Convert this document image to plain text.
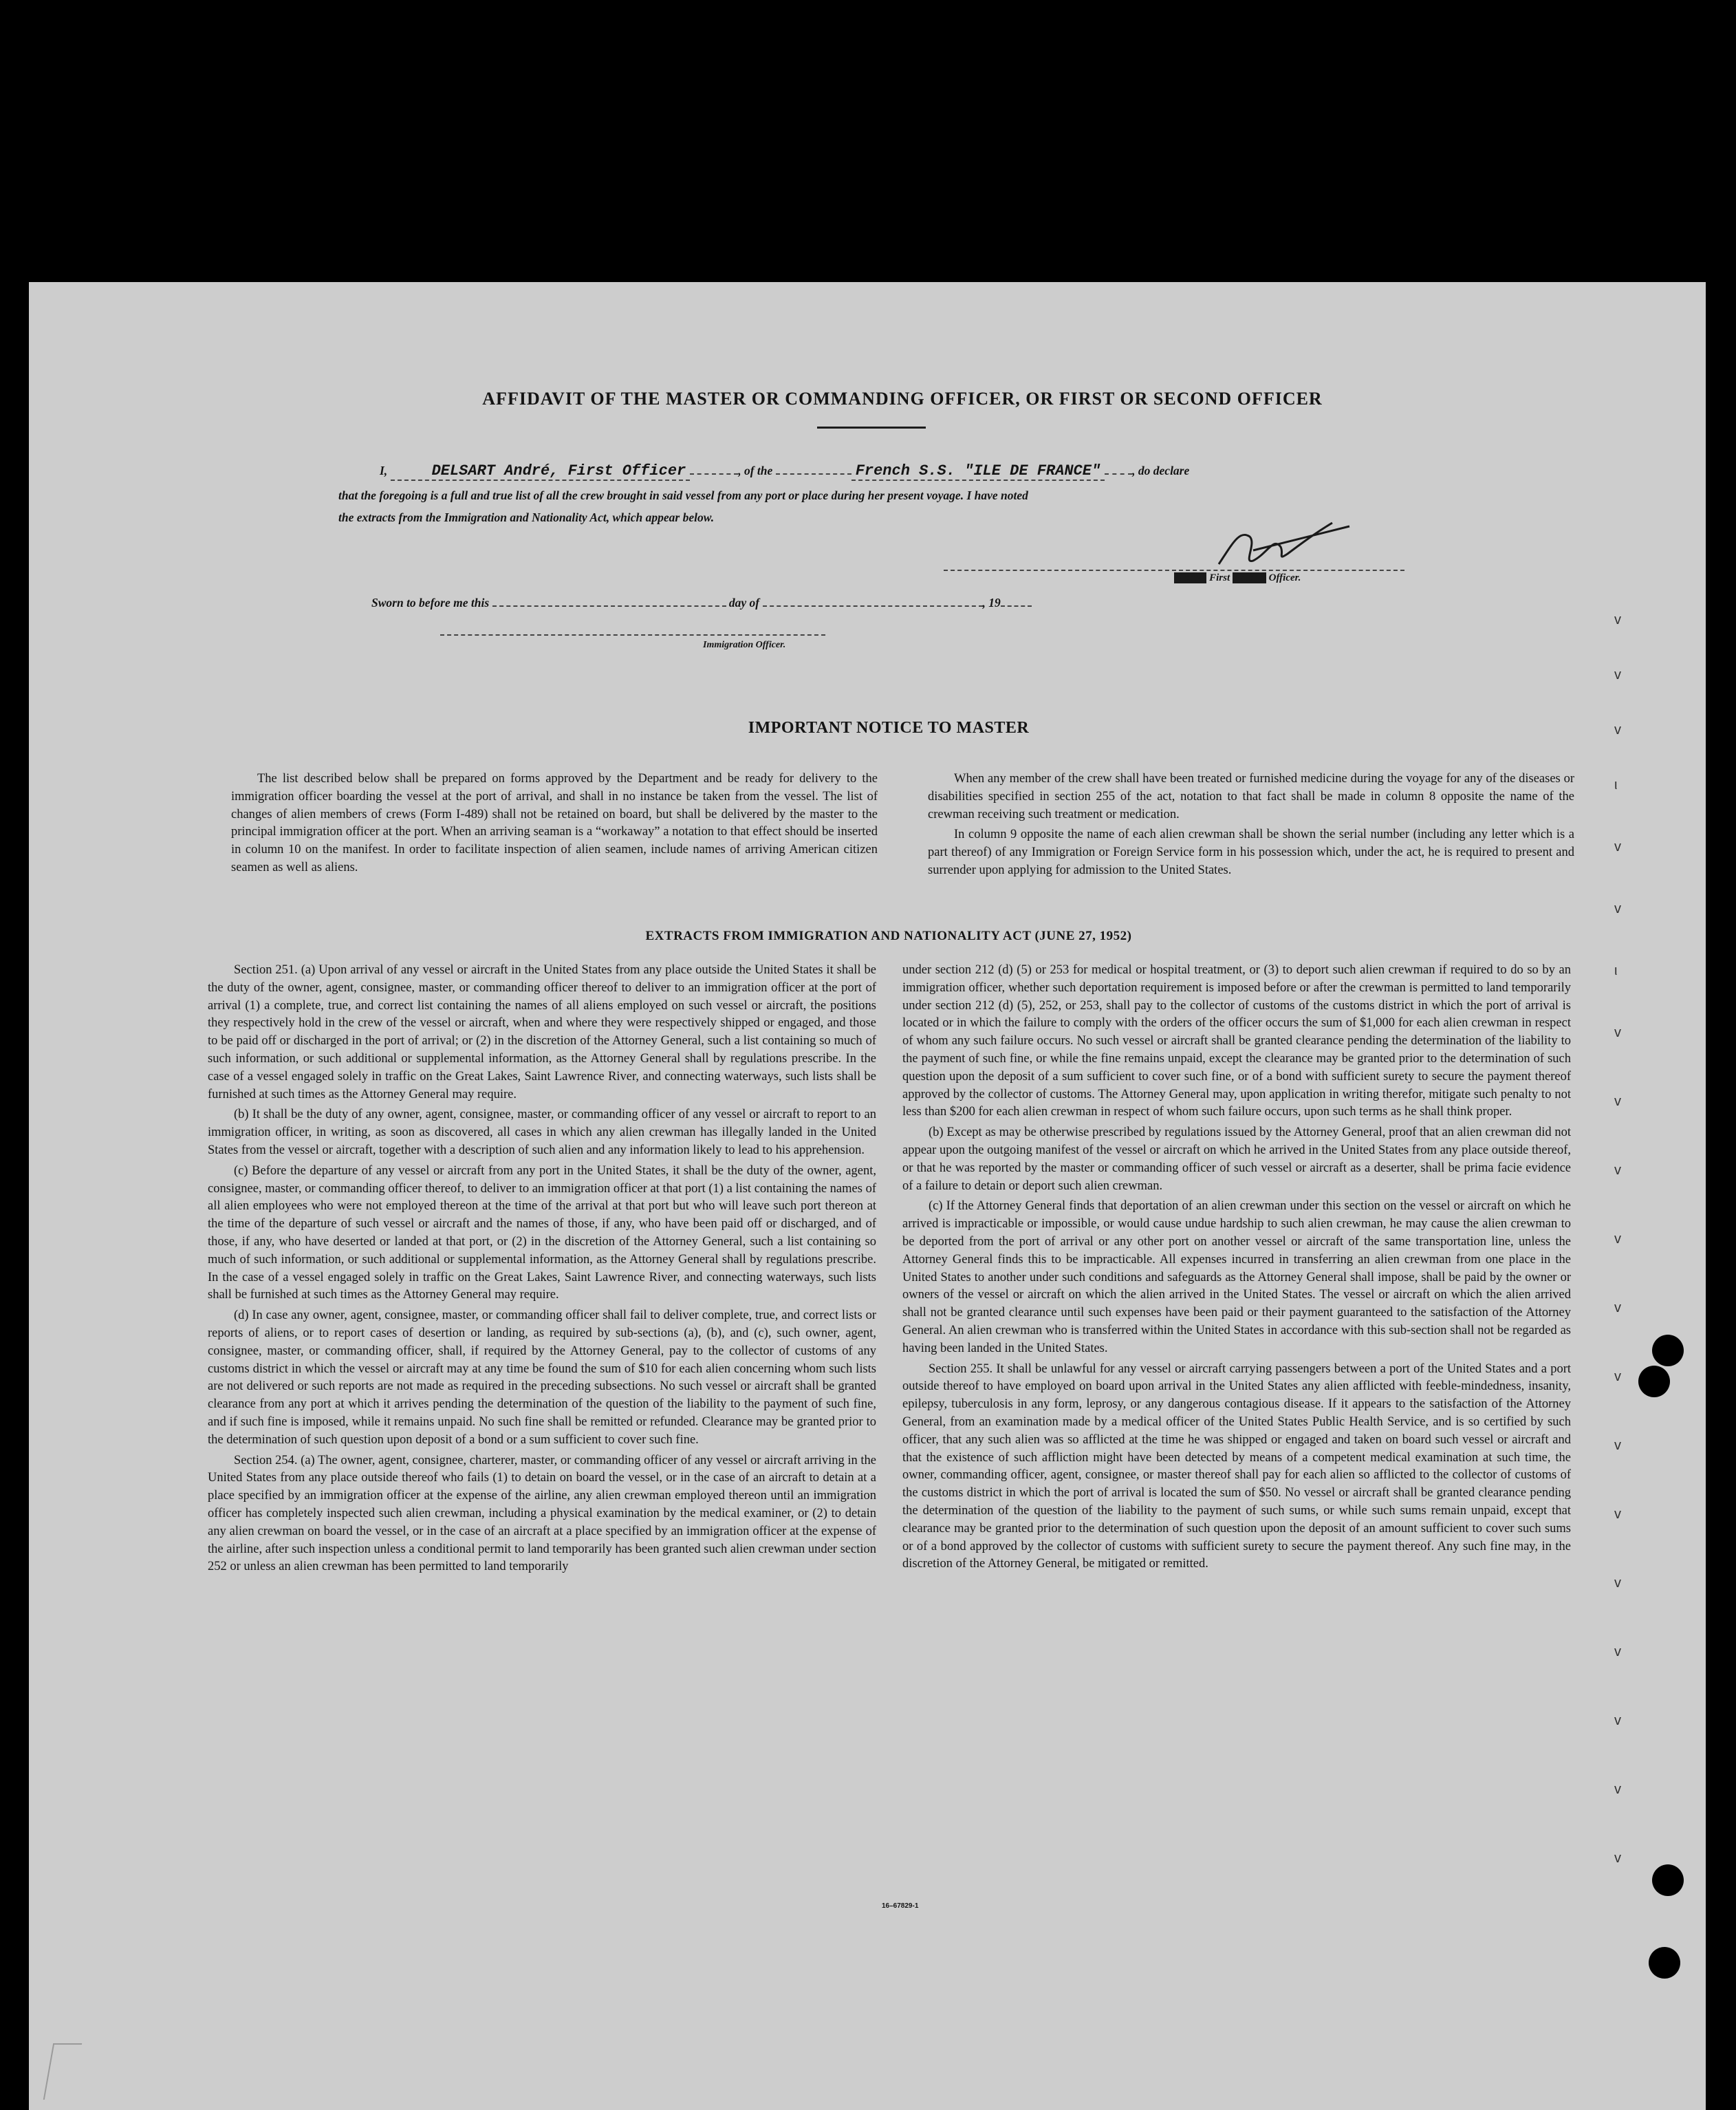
AFFIDAVIT OF THE MASTER OR COMMANDING OFFICER, OR FIRST OR SECOND OFFICER
I,	DELSART André, First Officer	, of the	French S.S. "ILE DE FRANCE"	, do declare
that the foregoing is a full and true list of all the crew brought in said vessel from any port or place during her present voyage. I have noted
the extracts from the Immigration and Nationality Act, which appear below.
Master First Second Officer.
Sworn to before me this	day of	, 19
Immigration Officer.
IMPORTANT NOTICE TO MASTER

The list described below shall be prepared on forms approved by the Department and be ready for delivery to the immigration officer boarding the vessel at the port of arrival, and shall in no instance be taken from the vessel. The list of changes of alien members of crews (Form I-489) shall not be retained on board, but shall be delivered by the master to the principal immigration officer at the port. When an arriving seaman is a “workaway” a notation to that effect should be inserted in column 10 on the manifest. In order to facilitate inspection of alien seamen, include names of arriving American citizen seamen as well as aliens.

When any member of the crew shall have been treated or furnished medicine during the voyage for any of the diseases or disabilities specified in section 255 of the act, notation to that fact shall be made in column 8 opposite the name of the crewman receiving such treatment or medication.

In column 9 opposite the name of each alien crewman shall be shown the serial number (including any letter which is a part thereof) of any Immigration or Foreign Service form in his possession which, under the act, he is required to present and surrender upon applying for admission to the United States.

EXTRACTS FROM IMMIGRATION AND NATIONALITY ACT (JUNE 27, 1952)

Section 251. (a) Upon arrival of any vessel or aircraft in the United States from any place outside the United States it shall be the duty of the owner, agent, consignee, master, or commanding officer thereof to deliver to an immigration officer at the port of arrival (1) a complete, true, and correct list containing the names of all aliens employed on such vessel or aircraft, the positions they respectively hold in the crew of the vessel or aircraft, when and where they were respectively shipped or engaged, and those to be paid off or discharged in the port of arrival; or (2) in the discretion of the Attorney General, such a list containing so much of such information, or such additional or supplemental information, as the Attorney General shall by regulations prescribe. In the case of a vessel engaged solely in traffic on the Great Lakes, Saint Lawrence River, and connecting waterways, such lists shall be furnished at such times as the Attorney General may require.

(b) It shall be the duty of any owner, agent, consignee, master, or commanding officer of any vessel or aircraft to report to an immigration officer, in writing, as soon as discovered, all cases in which any alien crewman has illegally landed in the United States from the vessel or aircraft, together with a description of such alien and any information likely to lead to his apprehension.

(c) Before the departure of any vessel or aircraft from any port in the United States, it shall be the duty of the owner, agent, consignee, master, or commanding officer thereof, to deliver to an immigration officer at that port (1) a list containing the names of all alien employees who were not employed thereon at the time of the arrival at that port but who will leave such port thereon at the time of the departure of such vessel or aircraft and the names of those, if any, who have been paid off or discharged, and of those, if any, who have deserted or landed at that port, or (2) in the discretion of the Attorney General, such a list containing so much of such information, or such additional or supplemental information, as the Attorney General shall by regulations prescribe. In the case of a vessel engaged solely in traffic on the Great Lakes, Saint Lawrence River, and connecting waterways, such lists shall be furnished at such times as the Attorney General may require.

(d) In case any owner, agent, consignee, master, or commanding officer shall fail to deliver complete, true, and correct lists or reports of aliens, or to report cases of desertion or landing, as required by sub-sections (a), (b), and (c), such owner, agent, consignee, master, or commanding officer, shall, if required by the Attorney General, pay to the collector of customs of any customs district in which the vessel or aircraft may at any time be found the sum of $10 for each alien concerning whom such lists are not delivered or such reports are not made as required in the preceding subsections. No such vessel or aircraft shall be granted clearance from any port at which it arrives pending the determination of the question of the liability to the payment of such fine, and if such fine is imposed, while it remains unpaid. No such fine shall be remitted or refunded. Clearance may be granted prior to the determination of such question upon deposit of a bond or a sum sufficient to cover such fine.

Section 254. (a) The owner, agent, consignee, charterer, master, or commanding officer of any vessel or aircraft arriving in the United States from any place outside thereof who fails (1) to detain on board the vessel, or in the case of an aircraft to detain at a place specified by an immigration officer at the expense of the airline, any alien crewman employed thereon until an immigration officer has completely inspected such alien crewman, including a physical examination by the medical examiner, or (2) to detain any alien crewman on board the vessel, or in the case of an aircraft at a place specified by an immigration officer at the expense of the airline, after such inspection unless a conditional permit to land temporarily has been granted such alien crewman under section 252 or unless an alien crewman has been permitted to land temporarily

under section 212 (d) (5) or 253 for medical or hospital treatment, or (3) to deport such alien crewman if required to do so by an immigration officer, whether such deportation requirement is imposed before or after the crewman is permitted to land temporarily under section 212 (d) (5), 252, or 253, shall pay to the collector of customs of the customs district in which the port of arrival is located or in which the failure to comply with the orders of the officer occurs the sum of $1,000 for each alien crewman in respect of whom any such failure occurs. No such vessel or aircraft shall be granted clearance pending the determination of the liability to the payment of such fine, or while the fine remains unpaid, except the clearance may be granted prior to the determination of such question upon the deposit of a sum sufficient to cover such fine, or of a bond with sufficient surety to secure the payment thereof approved by the collector of customs. The Attorney General may, upon application in writing therefor, mitigate such penalty to not less than $200 for each alien crewman in respect of whom such failure occurs, upon such terms as he shall think proper.

(b) Except as may be otherwise prescribed by regulations issued by the Attorney General, proof that an alien crewman did not appear upon the outgoing manifest of the vessel or aircraft on which he arrived in the United States from any place outside thereof, or that he was reported by the master or commanding officer of such vessel or aircraft as a deserter, shall be prima facie evidence of a failure to detain or deport such alien crewman.

(c) If the Attorney General finds that deportation of an alien crewman under this section on the vessel or aircraft on which he arrived is impracticable or impossible, or would cause undue hardship to such alien crewman, he may cause the alien crewman to be deported from the port of arrival or any other port on another vessel or aircraft of the same transportation line, unless the Attorney General finds this to be impracticable. All expenses incurred in transferring an alien crewman from one place in the United States to another under such conditions and safeguards as the Attorney General shall impose, shall be paid by the owner or owners of the vessel or aircraft on which the alien arrived in the United States. The vessel or aircraft on which the alien arrived shall not be granted clearance until such expenses have been paid or their payment guaranteed to the satisfaction of the Attorney General. An alien crewman who is transferred within the United States in accordance with this sub-section shall not be regarded as having been landed in the United States.

Section 255. It shall be unlawful for any vessel or aircraft carrying passengers between a port of the United States and a port outside thereof to have employed on board upon arrival in the United States any alien afflicted with feeble-mindedness, insanity, epilepsy, tuberculosis in any form, leprosy, or any dangerous contagious disease. If it appears to the satisfaction of the Attorney General, from an examination made by a medical officer of the United States Public Health Service, and is so certified by such officer, that any such alien was so afflicted at the time he was shipped or engaged and taken on board such vessel or aircraft and that the existence of such affliction might have been detected by means of a competent medical examination at such time, the owner, commanding officer, agent, consignee, or master thereof shall pay for each alien so afflicted to the collector of customs of the customs district in which the port of arrival is located the sum of $50. No vessel or aircraft shall be granted clearance pending the determination of the question of the liability to the payment of such sums, or while such sums remain unpaid, except that clearance may be granted prior to the determination of such question upon the deposit of an amount sufficient to cover such sums or of a bond approved by the collector of customs with sufficient surety to secure the payment thereof. Any such fine may, in the discretion of the Attorney General, be mitigated or remitted.

16–67829-1
v
v
v
ι
v
v
ι
v
v
v
v
v
v
v
v
v
v
v
v
v
